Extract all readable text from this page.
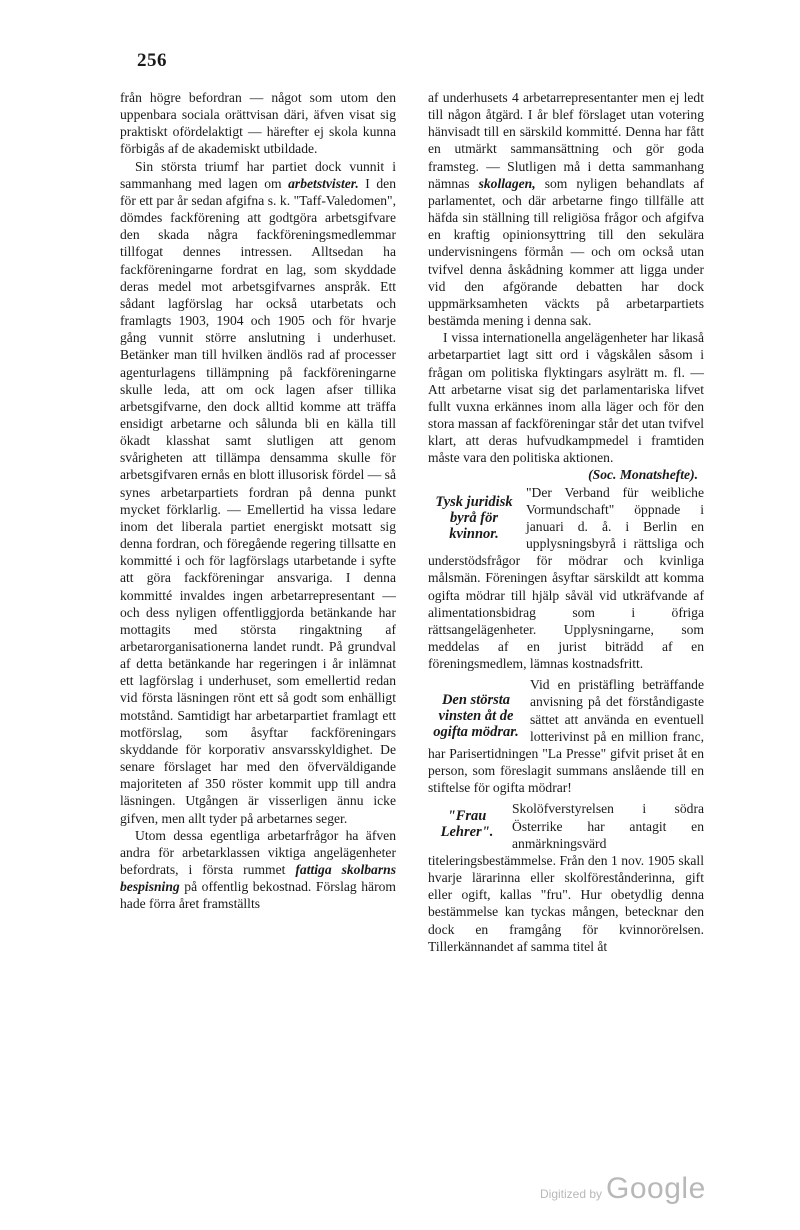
256

från högre befordran — något som utom den uppenbara sociala orättvisan däri, äfven visat sig praktiskt ofördelaktigt — härefter ej skola kunna förbigås af de akademiskt utbildade.

Sin största triumf har partiet dock vunnit i sammanhang med lagen om arbetstvister. I den för ett par år sedan afgifna s. k. "Taff-Valedomen", dömdes fackförening att godtgöra arbetsgifvare den skada några fackföreningsmedlemmar tillfogat dennes intressen. Alltsedan ha fackföreningarne fordrat en lag, som skyddade deras medel mot arbetsgifvarnes anspråk. Ett sådant lagförslag har också utarbetats och framlagts 1903, 1904 och 1905 och för hvarje gång vunnit större anslutning i underhuset. Betänker man till hvilken ändlös rad af processer agenturlagens tillämpning på fackföreningarne skulle leda, att om ock lagen afser tillika arbetsgifvarne, den dock alltid komme att träffa ensidigt arbetarne och sålunda bli en källa till ökadt klasshat samt slutligen att genom svårigheten att tillämpa densamma skulle för arbetsgifvaren ernås en blott illusorisk fördel — så synes arbetarpartiets fordran på denna punkt mycket förklarlig. — Emellertid ha vissa ledare inom det liberala partiet energiskt motsatt sig denna fordran, och föregående regering tillsatte en kommitté i och för lagförslags utarbetande i syfte att göra fackföreningar ansvariga. I denna kommitté invaldes ingen arbetarrepresentant — och dess nyligen offentliggjorda betänkande har mottagits med största ringaktning af arbetarorganisationerna landet rundt. På grundval af detta betänkande har regeringen i år inlämnat ett lagförslag i underhuset, som emellertid redan vid första läsningen rönt ett så godt som enhälligt motstånd. Samtidigt har arbetarpartiet framlagt ett motförslag, som åsyftar fackföreningars skyddande för korporativ ansvarsskyldighet. De senare förslaget har med den öfverväldigande majoriteten af 350 röster kommit upp till andra läsningen. Utgången är visserligen ännu icke gifven, men allt tyder på arbetarnes seger.

Utom dessa egentliga arbetarfrågor ha äfven andra för arbetarklassen viktiga angelägenheter befordrats, i första rummet fattiga skolbarns bespisning på offentlig bekostnad. Förslag härom hade förra året framställts

af underhusets 4 arbetarrepresentanter men ej ledt till någon åtgärd. I år blef förslaget utan votering hänvisadt till en särskild kommitté. Denna har fått en utmärkt sammansättning och gör goda framsteg. — Slutligen må i detta sammanhang nämnas skollagen, som nyligen behandlats af parlamentet, och där arbetarne fingo tillfälle att häfda sin ställning till religiösa frågor och afgifva en kraftig opinionsyttring till den sekulära undervisningens förmån — och om också utan tvifvel denna åskådning kommer att ligga under vid den afgörande debatten har dock uppmärksamheten väckts på arbetarpartiets bestämda mening i denna sak.

I vissa internationella angelägenheter har likaså arbetarpartiet lagt sitt ord i vågskålen såsom i frågan om politiska flyktingars asylrätt m. fl. — Att arbetarne visat sig det parlamentariska lifvet fullt vuxna erkännes inom alla läger och för den stora massan af fackföreningar står det utan tvifvel klart, att deras hufvudkampmedel i framtiden måste vara den politiska aktionen.

(Soc. Monatshefte).

Tysk juridisk byrå för kvinnor.
"Der Verband für weibliche Vormundschaft" öppnade i januari d. å. i Berlin en upplysningsbyrå i rättsliga och understödsfrågor för mödrar och kvinliga målsmän. Föreningen åsyftar särskildt att komma ogifta mödrar till hjälp såväl vid utkräfvande af alimentationsbidrag som i öfriga rättsangelägenheter. Upplysningarne, som meddelas af en jurist biträdd af en föreningsmedlem, lämnas kostnadsfritt.
Den största vinsten åt de ogifta mödrar.
Vid en pristäfling beträffande anvisning på det förståndigaste sättet att använda en eventuell lotterivinst på en million franc, har Parisertidningen "La Presse" gifvit priset åt en person, som föreslagit summans anslående till en stiftelse för ogifta mödrar!
"Frau Lehrer".
Skolöfverstyrelsen i södra Österrike har antagit en anmärkningsvärd titeleringsbestämmelse. Från den 1 nov. 1905 skall hvarje lärarinna eller skolförestånderinna, gift eller ogift, kallas "fru". Hur obetydlig denna bestämmelse kan tyckas mången, betecknar den dock en framgång för kvinnorörelsen. Tillerkännandet af samma titel åt
Digitized by Google
